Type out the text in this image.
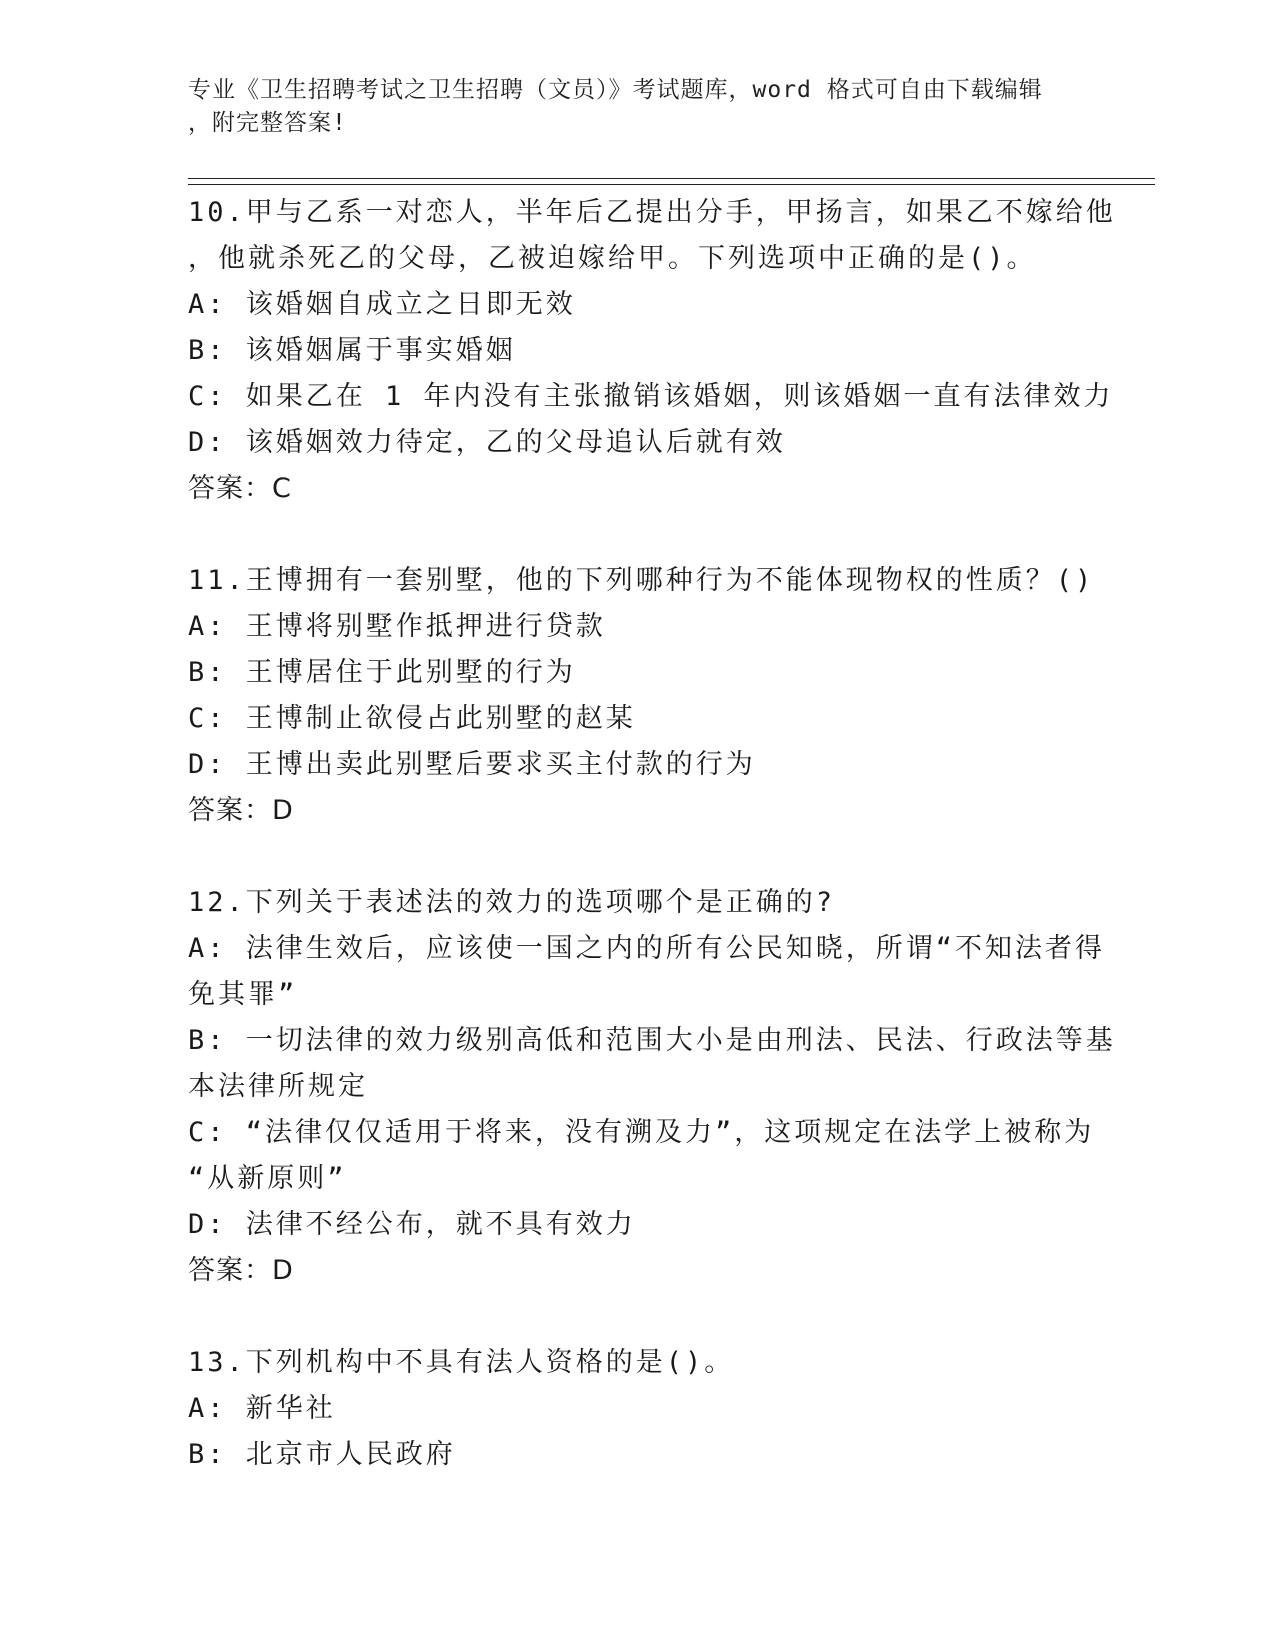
专业《卫生招聘考试之卫生招聘（文员）》考试题库，word 格式可自由下载编辑

，附完整答案!

10.甲与乙系一对恋人，半年后乙提出分手，甲扬言，如果乙不嫁给他

，他就杀死乙的父母，乙被迫嫁给甲。下列选项中正确的是()。

A: 该婚姻自成立之日即无效

B: 该婚姻属于事实婚姻

C: 如果乙在 1 年内没有主张撤销该婚姻，则该婚姻一直有法律效力

D: 该婚姻效力待定，乙的父母追认后就有效

答案：C

11.王博拥有一套别墅，他的下列哪种行为不能体现物权的性质？()

A: 王博将别墅作抵押进行贷款

B: 王博居住于此别墅的行为

C: 王博制止欲侵占此别墅的赵某

D: 王博出卖此别墅后要求买主付款的行为

答案：D

12.下列关于表述法的效力的选项哪个是正确的?

A: 法律生效后，应该使一国之内的所有公民知晓，所谓“不知法者得

免其罪”

B: 一切法律的效力级别高低和范围大小是由刑法、民法、行政法等基

本法律所规定

C: “法律仅仅适用于将来，没有溯及力”，这项规定在法学上被称为

“从新原则”

D: 法律不经公布，就不具有效力

答案：D

13.下列机构中不具有法人资格的是()。

A: 新华社

B: 北京市人民政府
